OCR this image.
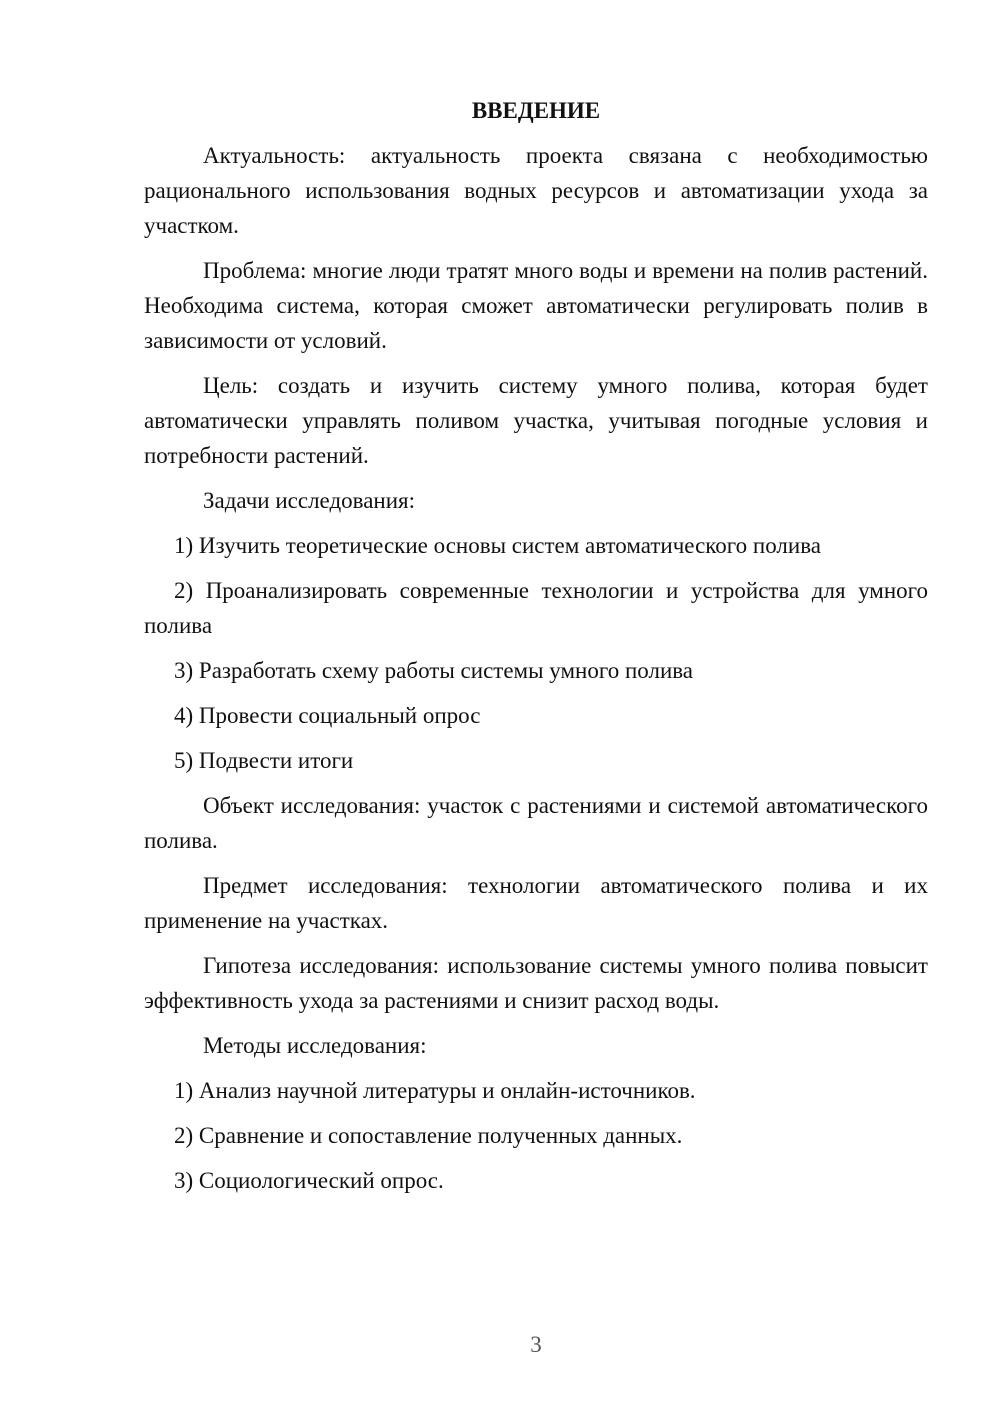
ВВЕДЕНИЕ

Актуальность: актуальность проекта связана с необходимостью рационального использования водных ресурсов и автоматизации ухода за участком.

Проблема: многие люди тратят много воды и времени на полив растений. Необходима система, которая сможет автоматически регулировать полив в зависимости от условий.

Цель: создать и изучить систему умного полива, которая будет автоматически управлять поливом участка, учитывая погодные условия и потребности растений.

Задачи исследования:

1) Изучить теоретические основы систем автоматического полива

2) Проанализировать современные технологии и устройства для умного полива

3) Разработать схему работы системы умного полива

4) Провести социальный опрос

5) Подвести итоги

Объект исследования: участок с растениями и системой автоматического полива.

Предмет исследования: технологии автоматического полива и их применение на участках.

Гипотеза исследования: использование системы умного полива повысит эффективность ухода за растениями и снизит расход воды.

Методы исследования:

1) Анализ научной литературы и онлайн-источников.

2) Сравнение и сопоставление полученных данных.

3) Социологический опрос.

3
